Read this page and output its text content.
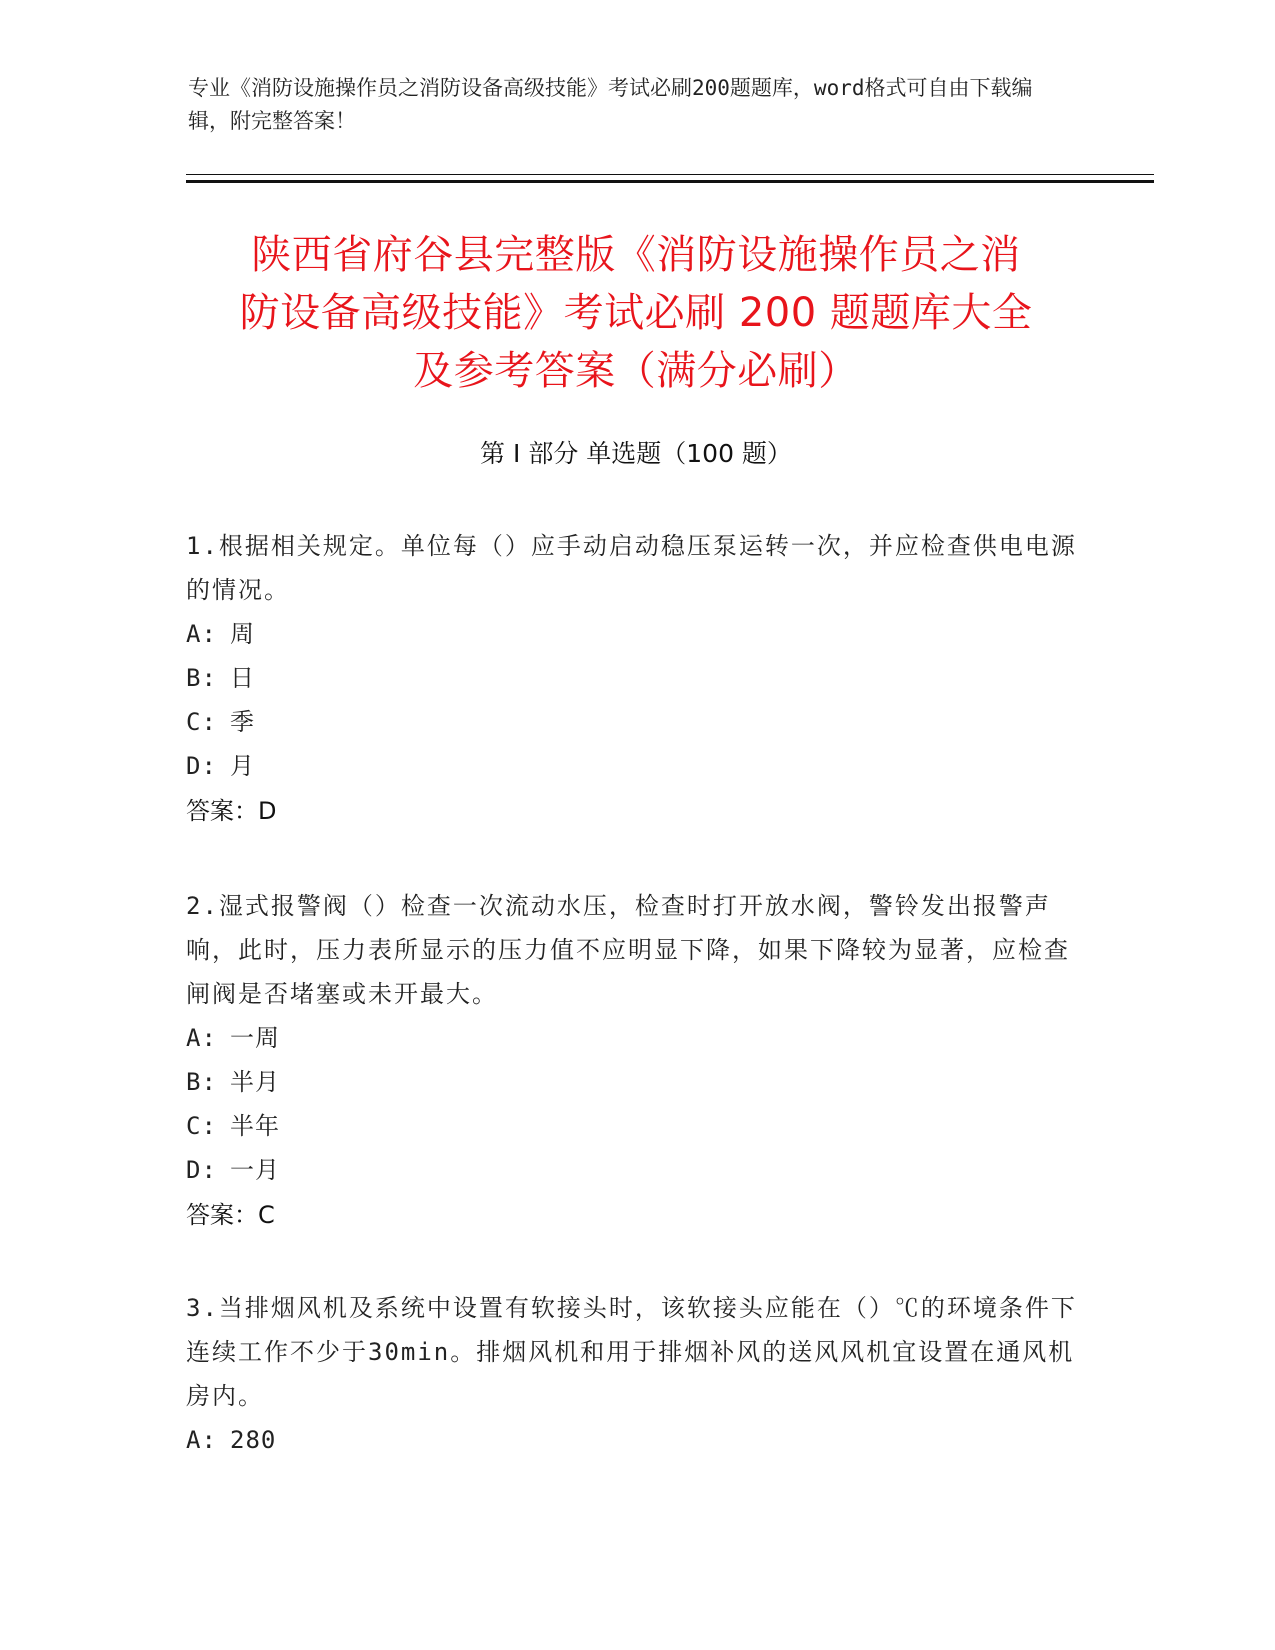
专业《消防设施操作员之消防设备高级技能》考试必刷200题题库，word格式可自由下载编辑，附完整答案！
陕西省府谷县完整版《消防设施操作员之消
防设备高级技能》考试必刷 200 题题库大全
及参考答案（满分必刷）
第 I 部分 单选题（100 题）

1.根据相关规定。单位每（）应手动启动稳压泵运转一次，并应检查供电电源的情况。

A: 周

B: 日

C: 季

D: 月

答案：D

2.湿式报警阀（）检查一次流动水压，检查时打开放水阀，警铃发出报警声响，此时，压力表所显示的压力值不应明显下降，如果下降较为显著，应检查闸阀是否堵塞或未开最大。

A: 一周

B: 半月

C: 半年

D: 一月

答案：C

3.当排烟风机及系统中设置有软接头时，该软接头应能在（）℃的环境条件下连续工作不少于30min。排烟风机和用于排烟补风的送风风机宜设置在通风机房内。

A: 280
